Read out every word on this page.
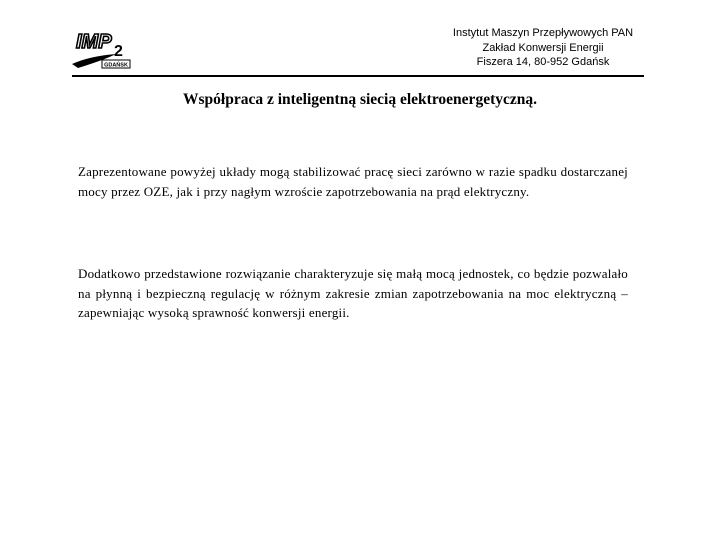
IMP 2
GDAŃSK
Instytut Maszyn Przepływowych PAN
Zakład Konwersji Energii
Fiszera 14, 80-952 Gdańsk
Współpraca z inteligentną siecią elektroenergetyczną.
Zaprezentowane powyżej układy mogą stabilizować pracę sieci zarówno w razie spadku dostarczanej mocy przez OZE, jak i przy nagłym wzroście zapotrzebowania na prąd elektryczny.
Dodatkowo przedstawione rozwiązanie charakteryzuje się małą mocą jednostek, co będzie pozwalało na płynną i bezpieczną regulację w różnym zakresie zmian zapotrzebowania na moc elektryczną – zapewniając wysoką sprawność konwersji energii.
